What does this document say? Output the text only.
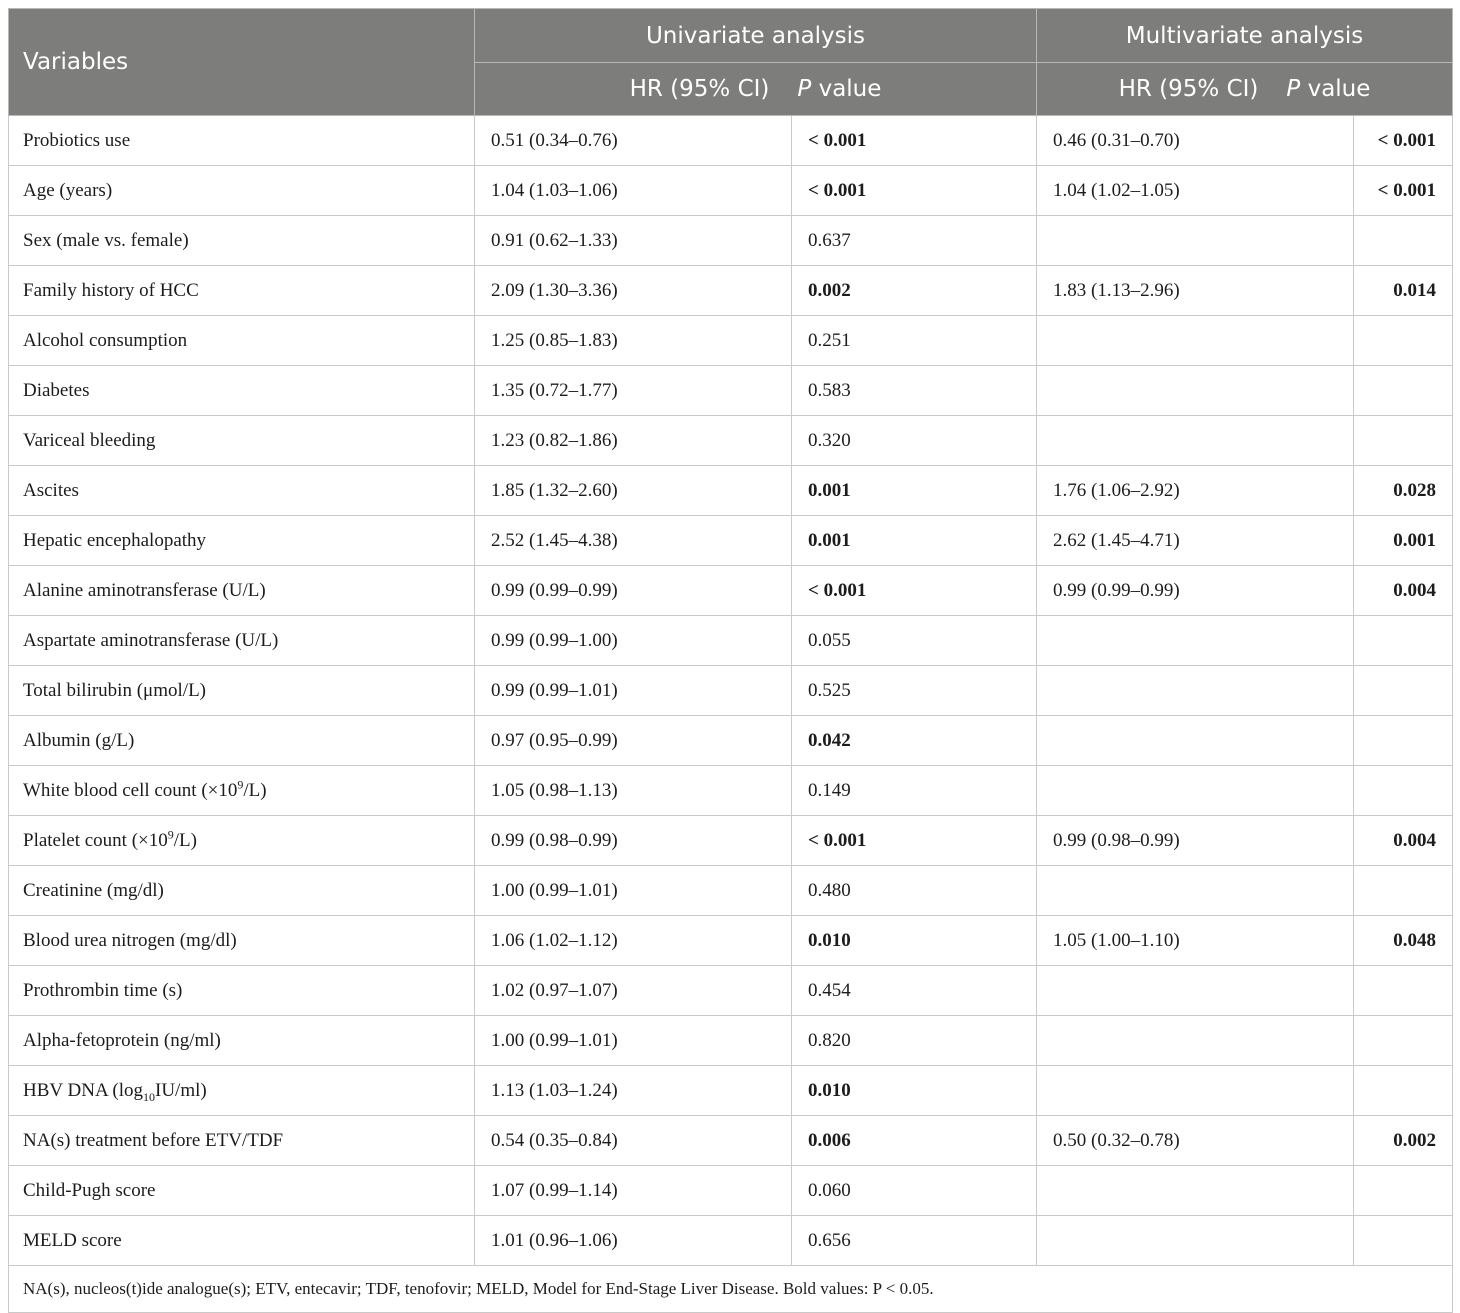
Variables	Univariate analysis		Multivariate analysis	
	HR (95% CI) P value		HR (95% CI) P value	
Probiotics use	0.51 (0.34–0.76)	< 0.001	0.46 (0.31–0.70)	< 0.001
Age (years)	1.04 (1.03–1.06)	< 0.001	1.04 (1.02–1.05)	< 0.001
Sex (male vs. female)	0.91 (0.62–1.33)	0.637		
Family history of HCC	2.09 (1.30–3.36)	0.002	1.83 (1.13–2.96)	0.014
Alcohol consumption	1.25 (0.85–1.83)	0.251		
Diabetes	1.35 (0.72–1.77)	0.583		
Variceal bleeding	1.23 (0.82–1.86)	0.320		
Ascites	1.85 (1.32–2.60)	0.001	1.76 (1.06–2.92)	0.028
Hepatic encephalopathy	2.52 (1.45–4.38)	0.001	2.62 (1.45–4.71)	0.001
Alanine aminotransferase (U/L)	0.99 (0.99–0.99)	< 0.001	0.99 (0.99–0.99)	0.004
Aspartate aminotransferase (U/L)	0.99 (0.99–1.00)	0.055		
Total bilirubin (μmol/L)	0.99 (0.99–1.01)	0.525		
Albumin (g/L)	0.97 (0.95–0.99)	0.042		
White blood cell count $(\times 10^9/L)$	1.05 (0.98–1.13)	0.149		
Platelet count $(\times 10^9/L)$	0.99 (0.98–0.99)	< 0.001	0.99 (0.98–0.99)	0.004
Creatinine (mg/dl)	1.00 (0.99–1.01)	0.480		
Blood urea nitrogen (mg/dl)	1.06 (1.02–1.12)	0.010	1.05 (1.00–1.10)	0.048
Prothrombin time (s)	1.02 (0.97–1.07)	0.454		
Alpha-fetoprotein (ng/ml)	1.00 (0.99–1.01)	0.820		
HBV DNA $(\log_{10}IU/ml)$	1.13 (1.03–1.24)	0.010		
NA(s) treatment before ETV/TDF	0.54 (0.35–0.84)	0.006	0.50 (0.32–0.78)	0.002
Child-Pugh score	1.07 (0.99–1.14)	0.060		
MELD score	1.01 (0.96–1.06)	0.656		
NA(s), nucleos(t)ide analogue(s); ETV, entecavir; TDF, tenofovir; MELD, Model for End-Stage Liver Disease. Bold values: P < 0.05.				
